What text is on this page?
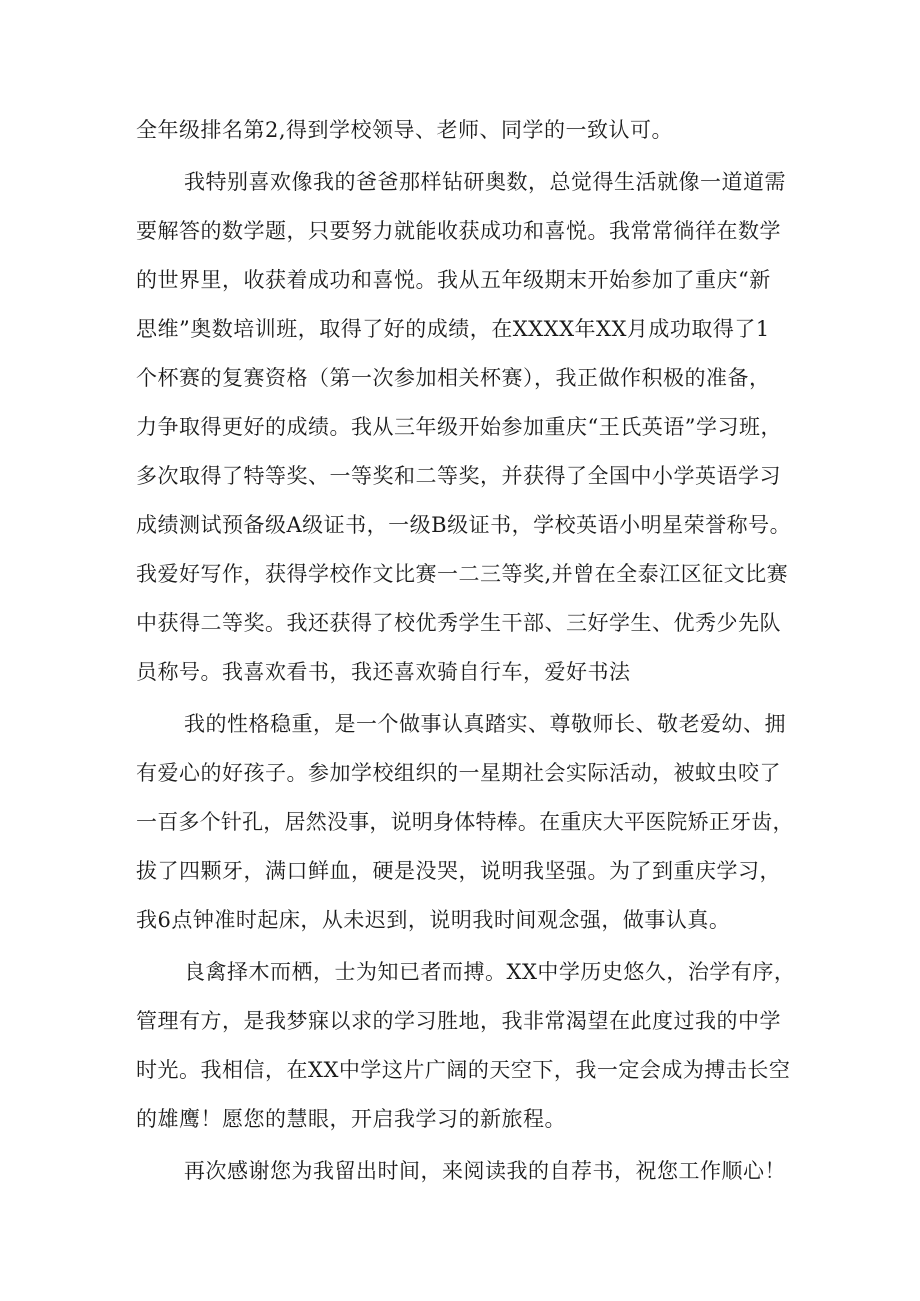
全年级排名第2,得到学校领导、老师、同学的一致认可。
我特别喜欢像我的爸爸那样钻研奥数，总觉得生活就像一道道需
要解答的数学题，只要努力就能收获成功和喜悦。我常常徜徉在数学
的世界里，收获着成功和喜悦。我从五年级期末开始参加了重庆“新
思维”奥数培训班，取得了好的成绩，在XXXX年XX月成功取得了1
个杯赛的复赛资格（第一次参加相关杯赛），我正做作积极的准备，
力争取得更好的成绩。我从三年级开始参加重庆“王氏英语”学习班，
多次取得了特等奖、一等奖和二等奖，并获得了全国中小学英语学习
成绩测试预备级A级证书，一级B级证书，学校英语小明星荣誉称号。
我爱好写作，获得学校作文比赛一二三等奖,并曾在全泰江区征文比赛
中获得二等奖。我还获得了校优秀学生干部、三好学生、优秀少先队
员称号。我喜欢看书，我还喜欢骑自行车，爱好书法
我的性格稳重，是一个做事认真踏实、尊敬师长、敬老爱幼、拥
有爱心的好孩子。参加学校组织的一星期社会实际活动，被蚊虫咬了
一百多个针孔，居然没事，说明身体特棒。在重庆大平医院矫正牙齿，
拔了四颗牙，满口鲜血，硬是没哭，说明我坚强。为了到重庆学习，
我6点钟准时起床，从未迟到，说明我时间观念强，做事认真。
良禽择木而栖，士为知已者而搏。XX中学历史悠久，治学有序，
管理有方，是我梦寐以求的学习胜地，我非常渴望在此度过我的中学
时光。我相信，在XX中学这片广阔的天空下，我一定会成为搏击长空
的雄鹰！愿您的慧眼，开启我学习的新旅程。
再次感谢您为我留出时间，来阅读我的自荐书，祝您工作顺心！
